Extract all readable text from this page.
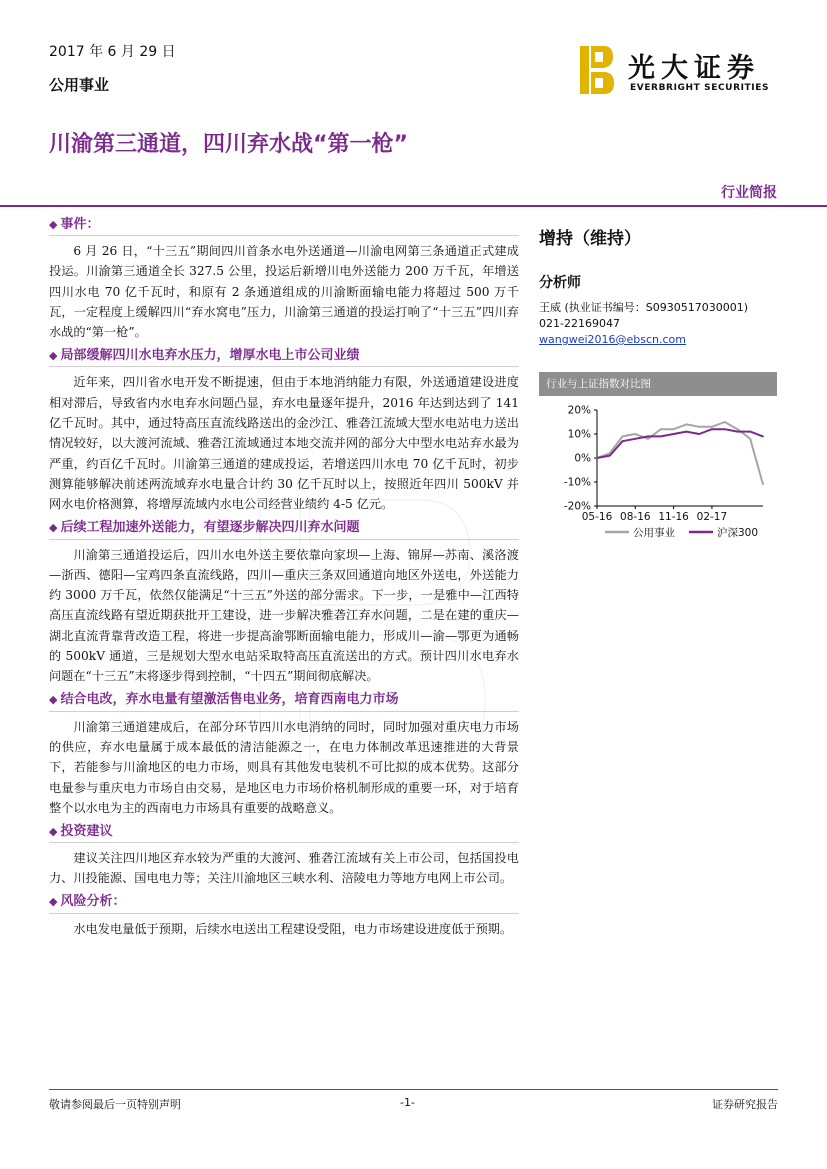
2017 年 6 月 29 日
公用事业
光大证券
EVERBRIGHT SECURITIES
川渝第三通道，四川弃水战“第一枪”
行业简报
◆ 事件：

6 月 26 日，“十三五”期间四川首条水电外送通道—川渝电网第三条通道正式建成投运。川渝第三通道全长 327.5 公里，投运后新增川电外送能力 200 万千瓦，年增送四川水电 70 亿千瓦时，和原有 2 条通道组成的川渝断面输电能力将超过 500 万千瓦，一定程度上缓解四川“弃水窝电”压力，川渝第三通道的投运打响了“十三五”四川弃水战的“第一枪”。

◆ 局部缓解四川水电弃水压力，增厚水电上市公司业绩

近年来，四川省水电开发不断提速，但由于本地消纳能力有限，外送通道建设进度相对滞后，导致省内水电弃水问题凸显，弃水电量逐年提升，2016 年达到达到了 141 亿千瓦时。其中，通过特高压直流线路送出的金沙江、雅砻江流域大型水电站电力送出情况较好，以大渡河流域、雅砻江流域通过本地交流并网的部分大中型水电站弃水最为严重，约百亿千瓦时。川渝第三通道的建成投运，若增送四川水电 70 亿千瓦时，初步测算能够解决前述两流域弃水电量合计约 30 亿千瓦时以上，按照近年四川 500kV 并网水电价格测算，将增厚流域内水电公司经营业绩约 4-5 亿元。

◆ 后续工程加速外送能力，有望逐步解决四川弃水问题

川渝第三通道投运后，四川水电外送主要依靠向家坝—上海、锦屏—苏南、溪洛渡—浙西、德阳—宝鸡四条直流线路，四川—重庆三条双回通道向地区外送电，外送能力约 3000 万千瓦，依然仅能满足“十三五”外送的部分需求。下一步，一是雅中—江西特高压直流线路有望近期获批开工建设，进一步解决雅砻江弃水问题，二是在建的重庆—湖北直流背靠背改造工程，将进一步提高渝鄂断面输电能力，形成川—渝—鄂更为通畅的 500kV 通道，三是规划大型水电站采取特高压直流送出的方式。预计四川水电弃水问题在“十三五”末将逐步得到控制，“十四五”期间彻底解决。

◆ 结合电改，弃水电量有望激活售电业务，培育西南电力市场

川渝第三通道建成后，在部分环节四川水电消纳的同时，同时加强对重庆电力市场的供应，弃水电量属于成本最低的清洁能源之一，在电力体制改革迅速推进的大背景下，若能参与川渝地区的电力市场，则具有其他发电装机不可比拟的成本优势。这部分电量参与重庆电力市场自由交易，是地区电力市场价格机制形成的重要一环，对于培育整个以水电为主的西南电力市场具有重要的战略意义。

◆ 投资建议

建议关注四川地区弃水较为严重的大渡河、雅砻江流域有关上市公司，包括国投电力、川投能源、国电电力等；关注川渝地区三峡水利、涪陵电力等地方电网上市公司。

◆ 风险分析：

水电发电量低于预期，后续水电送出工程建设受阻，电力市场建设进度低于预期。

增持（维持）
分析师
王威 (执业证书编号：S0930517030001)
021-22169047
wangwei2016@ebscn.com
行业与上证指数对比图
20%
10%
0%
-10%
-20%
05-16 08-16 11-16 02-17
公用事业	沪深300
敬请参阅最后一页特别声明	-1-	证券研究报告
